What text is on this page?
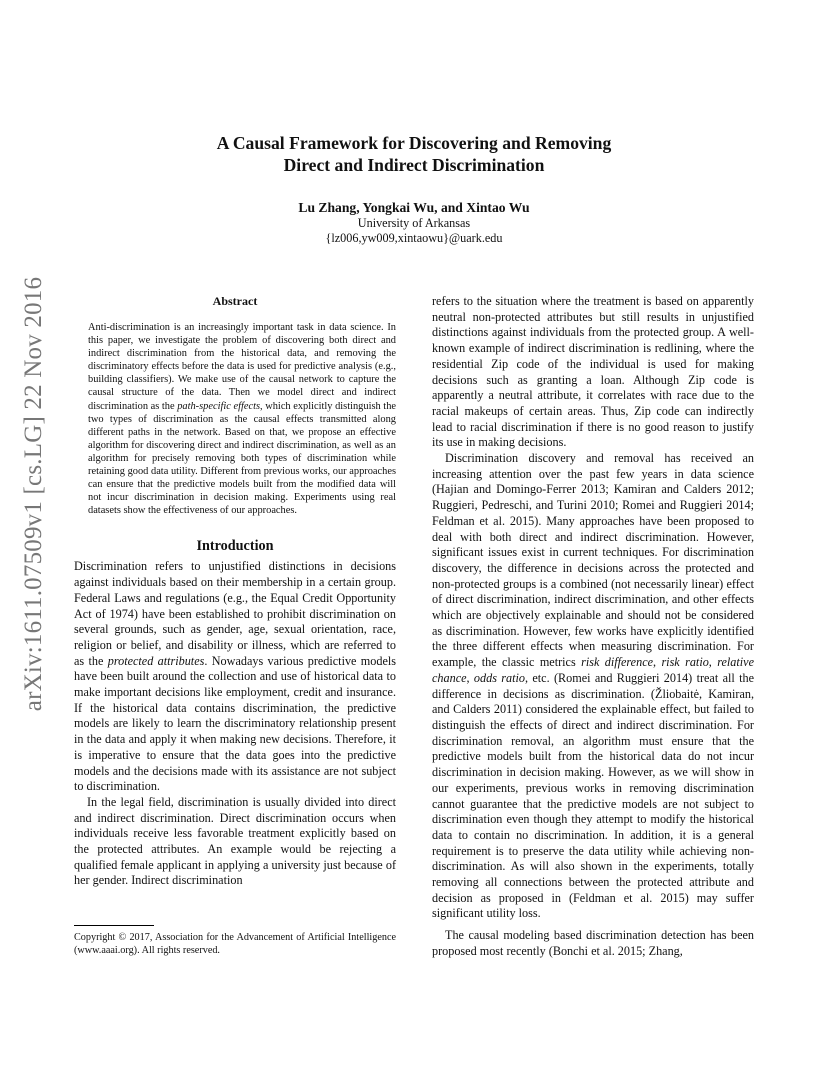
arXiv:1611.07509v1 [cs.LG] 22 Nov 2016
A Causal Framework for Discovering and Removing
Direct and Indirect Discrimination
Lu Zhang, Yongkai Wu, and Xintao Wu
University of Arkansas
{lz006,yw009,xintaowu}@uark.edu
Abstract

Anti-discrimination is an increasingly important task in data science. In this paper, we investigate the problem of discovering both direct and indirect discrimination from the historical data, and removing the discriminatory effects before the data is used for predictive analysis (e.g., building classifiers). We make use of the causal network to capture the causal structure of the data. Then we model direct and indirect discrimination as the path-specific effects, which explicitly distinguish the two types of discrimination as the causal effects transmitted along different paths in the network. Based on that, we propose an effective algorithm for discovering direct and indirect discrimination, as well as an algorithm for precisely removing both types of discrimination while retaining good data utility. Different from previous works, our approaches can ensure that the predictive models built from the modified data will not incur discrimination in decision making. Experiments using real datasets show the effectiveness of our approaches.

Introduction

Discrimination refers to unjustified distinctions in decisions against individuals based on their membership in a certain group. Federal Laws and regulations (e.g., the Equal Credit Opportunity Act of 1974) have been established to prohibit discrimination on several grounds, such as gender, age, sexual orientation, race, religion or belief, and disability or illness, which are referred to as the protected attributes. Nowadays various predictive models have been built around the collection and use of historical data to make important decisions like employment, credit and insurance. If the historical data contains discrimination, the predictive models are likely to learn the discriminatory relationship present in the data and apply it when making new decisions. Therefore, it is imperative to ensure that the data goes into the predictive models and the decisions made with its assistance are not subject to discrimination.

In the legal field, discrimination is usually divided into direct and indirect discrimination. Direct discrimination occurs when individuals receive less favorable treatment explicitly based on the protected attributes. An example would be rejecting a qualified female applicant in applying a university just because of her gender. Indirect discrimination

Copyright © 2017, Association for the Advancement of Artificial Intelligence (www.aaai.org). All rights reserved.

refers to the situation where the treatment is based on apparently neutral non-protected attributes but still results in unjustified distinctions against individuals from the protected group. A well-known example of indirect discrimination is redlining, where the residential Zip code of the individual is used for making decisions such as granting a loan. Although Zip code is apparently a neutral attribute, it correlates with race due to the racial makeups of certain areas. Thus, Zip code can indirectly lead to racial discrimination if there is no good reason to justify its use in making decisions.

Discrimination discovery and removal has received an increasing attention over the past few years in data science (Hajian and Domingo-Ferrer 2013; Kamiran and Calders 2012; Ruggieri, Pedreschi, and Turini 2010; Romei and Ruggieri 2014; Feldman et al. 2015). Many approaches have been proposed to deal with both direct and indirect discrimination. However, significant issues exist in current techniques. For discrimination discovery, the difference in decisions across the protected and non-protected groups is a combined (not necessarily linear) effect of direct discrimination, indirect discrimination, and other effects which are objectively explainable and should not be considered as discrimination. However, few works have explicitly identified the three different effects when measuring discrimination. For example, the classic metrics risk difference, risk ratio, relative chance, odds ratio, etc. (Romei and Ruggieri 2014) treat all the difference in decisions as discrimination. (Žliobaitė, Kamiran, and Calders 2011) considered the explainable effect, but failed to distinguish the effects of direct and indirect discrimination. For discrimination removal, an algorithm must ensure that the predictive models built from the historical data do not incur discrimination in decision making. However, as we will show in our experiments, previous works in removing discrimination cannot guarantee that the predictive models are not subject to discrimination even though they attempt to modify the historical data to contain no discrimination. In addition, it is a general requirement is to preserve the data utility while achieving non-discrimination. As will also shown in the experiments, totally removing all connections between the protected attribute and decision as proposed in (Feldman et al. 2015) may suffer significant utility loss.

The causal modeling based discrimination detection has been proposed most recently (Bonchi et al. 2015; Zhang,
